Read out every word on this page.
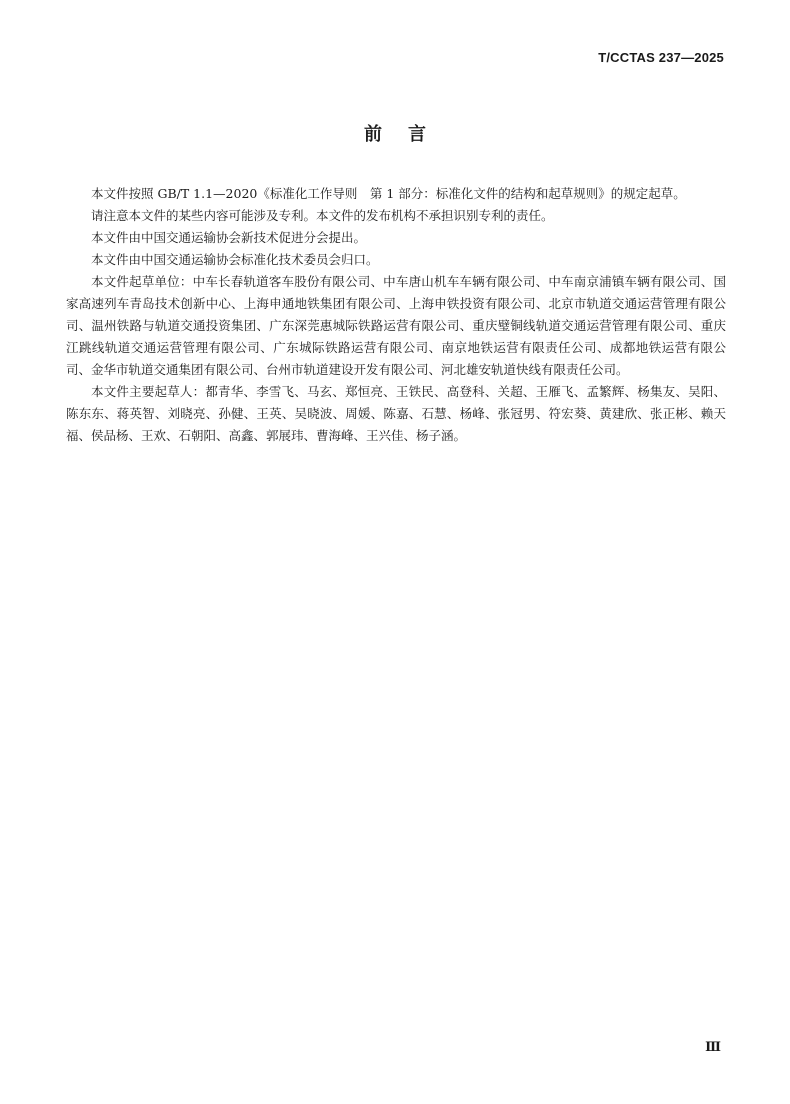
T/CCTAS 237—2025
前言

本文件按照 GB/T 1.1—2020《标准化工作导则　第 1 部分：标准化文件的结构和起草规则》的规定起草。

请注意本文件的某些内容可能涉及专利。本文件的发布机构不承担识别专利的责任。

本文件由中国交通运输协会新技术促进分会提出。

本文件由中国交通运输协会标准化技术委员会归口。

本文件起草单位：中车长春轨道客车股份有限公司、中车唐山机车车辆有限公司、中车南京浦镇车辆有限公司、国家高速列车青岛技术创新中心、上海申通地铁集团有限公司、上海申铁投资有限公司、北京市轨道交通运营管理有限公司、温州铁路与轨道交通投资集团、广东深莞惠城际铁路运营有限公司、重庆璧铜线轨道交通运营管理有限公司、重庆江跳线轨道交通运营管理有限公司、广东城际铁路运营有限公司、南京地铁运营有限责任公司、成都地铁运营有限公司、金华市轨道交通集团有限公司、台州市轨道建设开发有限公司、河北雄安轨道快线有限责任公司。

本文件主要起草人：都青华、李雪飞、马玄、郑恒亮、王铁民、高登科、关超、王雁飞、孟繁辉、杨集友、吴阳、陈东东、蒋英智、刘晓亮、孙健、王英、吴晓波、周媛、陈嘉、石慧、杨峰、张冠男、符宏葵、黄建欣、张正彬、赖天福、侯品杨、王欢、石朝阳、高鑫、郭展玮、曹海峰、王兴佳、杨子涵。

Ⅲ
